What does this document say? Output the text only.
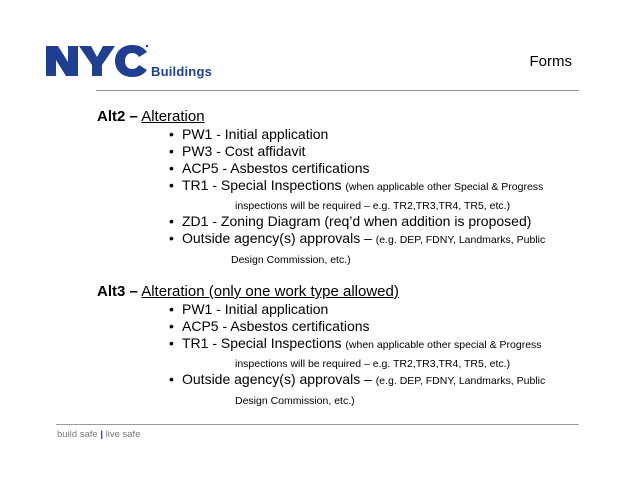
Buildings
Forms
Alt2 – Alteration
• PW1 - Initial application
• PW3 - Cost affidavit
• ACP5 - Asbestos certifications
• TR1 - Special Inspections (when applicable other Special & Progress
inspections will be required – e.g. TR2,TR3,TR4, TR5, etc.)
• ZD1 - Zoning Diagram (req’d when addition is proposed)
• Outside agency(s) approvals – (e.g. DEP, FDNY, Landmarks, Public
Design Commission, etc.)
Alt3 – Alteration (only one work type allowed)
• PW1 - Initial application
• ACP5 - Asbestos certifications
• TR1 - Special Inspections (when applicable other special & Progress
inspections will be required – e.g. TR2,TR3,TR4, TR5, etc.)
• Outside agency(s) approvals – (e.g. DEP, FDNY, Landmarks, Public
Design Commission, etc.)
build safe | live safe
